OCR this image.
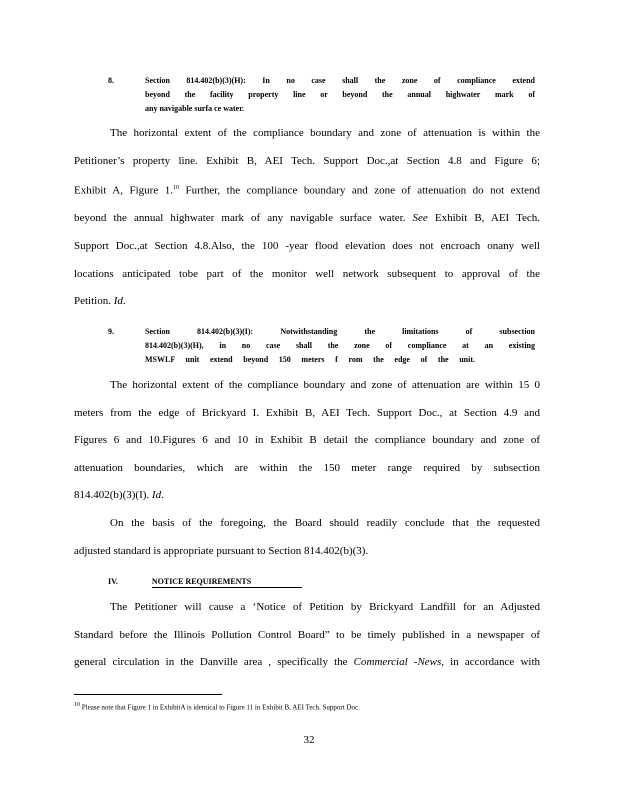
8.	Section 814.402(b)(3)(H): In no case shall the zone of compliance extend
beyond the facility property line or beyond the annual highwater mark of
any navigable surfa ce water.
The horizontal extent of the compliance boundary and zone of attenuation is within the
Petitioner’s property line. Exhibit B, AEI Tech. Support Doc.,at Section 4.8 and Figure 6;
Exhibit A, Figure 1.10 Further, the compliance boundary and zone of attenuation do not extend
beyond the annual highwater mark of any navigable surface water. See Exhibit B, AEI Tech.
Support Doc.,at Section 4.8.Also, the 100 -year flood elevation does not encroach onany well
locations anticipated tobe part of the monitor well network subsequent to approval of the
Petition. Id.
9.	Section 814.402(b)(3)(I): Notwithstanding the limitations of subsection
814.402(b)(3)(H), in no case shall the zone of compliance at an existing
MSWLF unit extend beyond 150 meters f rom the edge of the unit.
The horizontal extent of the compliance boundary and zone of attenuation are within 15 0
meters from the edge of Brickyard I. Exhibit B, AEI Tech. Support Doc., at Section 4.9 and
Figures 6 and 10.Figures 6 and 10 in Exhibit B detail the compliance boundary and zone of
attenuation boundaries, which are within the 150 meter range required by subsection
814.402(b)(3)(I). Id.
On the basis of the foregoing, the Board should readily conclude that the requested
adjusted standard is appropriate pursuant to Section 814.402(b)(3).
IV.	NOTICE REQUIREMENTS
The Petitioner will cause a ‘Notice of Petition by Brickyard Landfill for an Adjusted
Standard before the Illinois Pollution Control Board” to be timely published in a newspaper of
general circulation in the Danville area , specifically the Commercial -News, in accordance with
$^{10}$ Please note that Figure 1 in ExhibitA is identical to Figure 11 in Exhibit B, AEI Tech. Support Doc.
32
